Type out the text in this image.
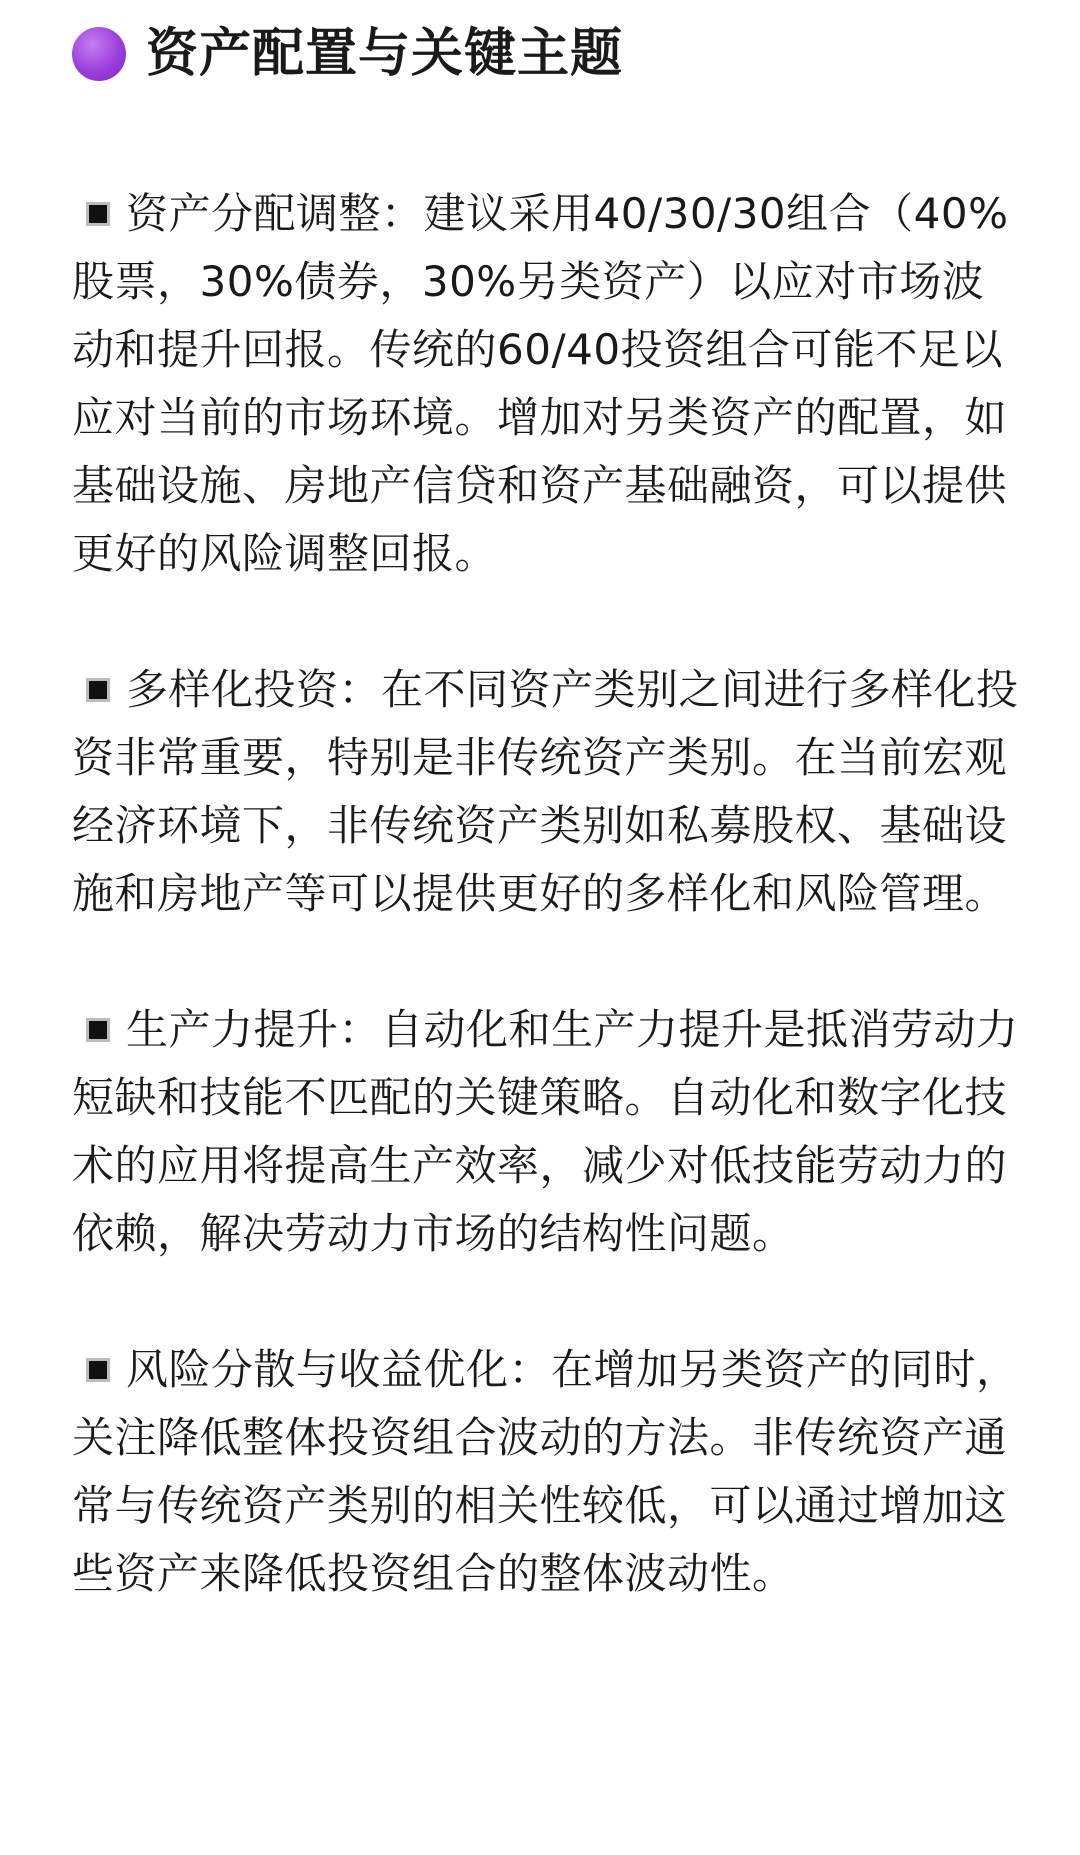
资产配置与关键主题

资产分配调整：建议采用40/30/30组合（40%股票，30%债券，30%另类资产）以应对市场波动和提升回报。传统的60/40投资组合可能不足以应对当前的市场环境。增加对另类资产的配置，如基础设施、房地产信贷和资产基础融资，可以提供更好的风险调整回报。

多样化投资：在不同资产类别之间进行多样化投资非常重要，特别是非传统资产类别。在当前宏观经济环境下，非传统资产类别如私募股权、基础设施和房地产等可以提供更好的多样化和风险管理。

生产力提升：自动化和生产力提升是抵消劳动力短缺和技能不匹配的关键策略。自动化和数字化技术的应用将提高生产效率，减少对低技能劳动力的依赖，解决劳动力市场的结构性问题。

风险分散与收益优化：在增加另类资产的同时，关注降低整体投资组合波动的方法。非传统资产通常与传统资产类别的相关性较低，可以通过增加这些资产来降低投资组合的整体波动性。
